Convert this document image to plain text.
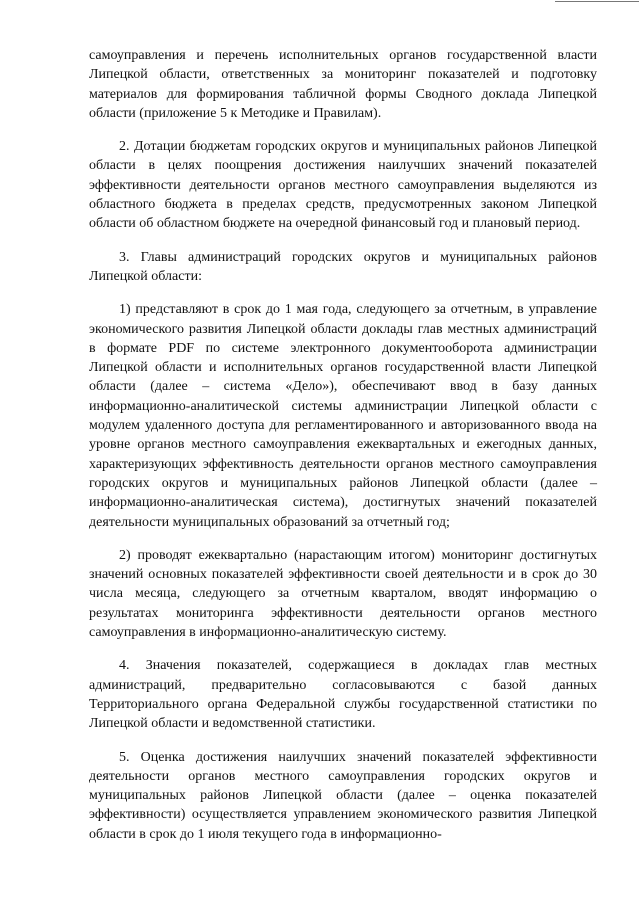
самоуправления и перечень исполнительных органов государственной власти Липецкой области, ответственных за мониторинг показателей и подготовку материалов для формирования табличной формы Сводного доклада Липецкой области (приложение 5 к Методике и Правилам).

2. Дотации бюджетам городских округов и муниципальных районов Липецкой области в целях поощрения достижения наилучших значений показателей эффективности деятельности органов местного самоуправления выделяются из областного бюджета в пределах средств, предусмотренных законом Липецкой области об областном бюджете на очередной финансовый год и плановый период.

3. Главы администраций городских округов и муниципальных районов Липецкой области:

1) представляют в срок до 1 мая года, следующего за отчетным, в управление экономического развития Липецкой области доклады глав местных администраций в формате PDF по системе электронного документооборота администрации Липецкой области и исполнительных органов государственной власти Липецкой области (далее – система «Дело»), обеспечивают ввод в базу данных информационно-аналитической системы администрации Липецкой области с модулем удаленного доступа для регламентированного и авторизованного ввода на уровне органов местного самоуправления ежеквартальных и ежегодных данных, характеризующих эффективность деятельности органов местного самоуправления городских округов и муниципальных районов Липецкой области (далее – информационно-аналитическая система), достигнутых значений показателей деятельности муниципальных образований за отчетный год;

2) проводят ежеквартально (нарастающим итогом) мониторинг достигнутых значений основных показателей эффективности своей деятельности и в срок до 30 числа месяца, следующего за отчетным кварталом, вводят информацию о результатах мониторинга эффективности деятельности органов местного самоуправления в информационно-аналитическую систему.

4. Значения показателей, содержащиеся в докладах глав местных администраций, предварительно согласовываются с базой данных Территориального органа Федеральной службы государственной статистики по Липецкой области и ведомственной статистики.

5. Оценка достижения наилучших значений показателей эффективности деятельности органов местного самоуправления городских округов и муниципальных районов Липецкой области (далее – оценка показателей эффективности) осуществляется управлением экономического развития Липецкой области в срок до 1 июля текущего года в информационно-
